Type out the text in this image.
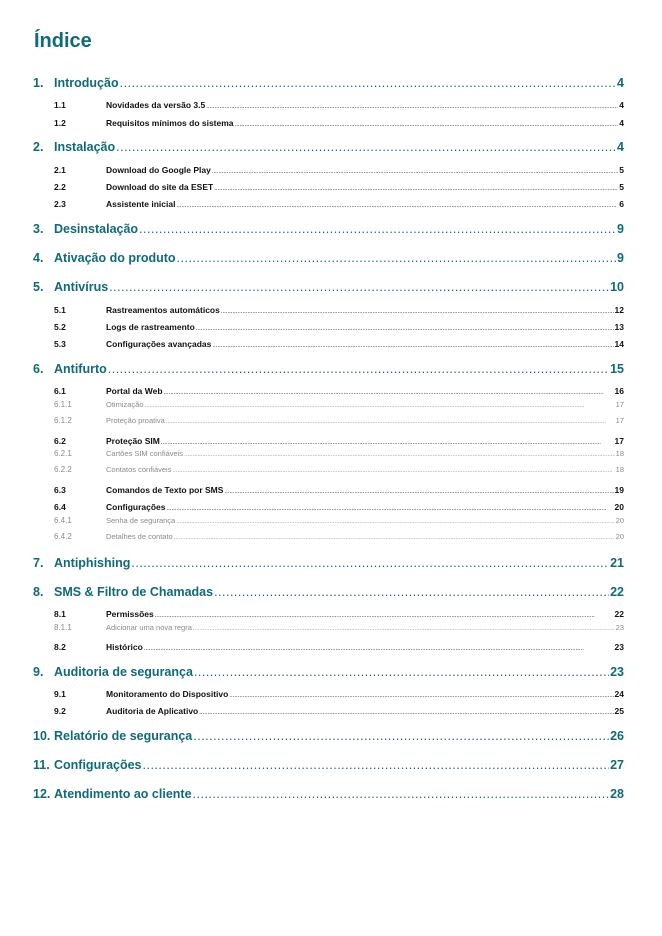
Índice
1. Introdução .....	4
1.1	Novidades da versão 3.5 .....	4
1.2	Requisitos mínimos do sistema .....	4
2. Instalação .....	4
2.1	Download do Google Play .....	5
2.2	Download do site da ESET .....	5
2.3	Assistente inicial .....	6
3. Desinstalação .....	9
4. Ativação do produto .....	9
5. Antivírus .....	10
5.1	Rastreamentos automáticos .....	12
5.2	Logs de rastreamento .....	13
5.3	Configurações avançadas .....	14
6. Antifurto .....	15
6.1	Portal da Web .....	16
6.1.1	Otimização .....	17
6.1.2	Proteção proativa .....	17
6.2	Proteção SIM .....	17
6.2.1	Cartões SIM confiáveis .....	18
6.2.2	Contatos confiáveis .....	18
6.3	Comandos de Texto por SMS .....	19
6.4	Configurações .....	20
6.4.1	Senha de segurança .....	20
6.4.2	Detalhes de contato .....	20
7. Antiphishing .....	21
8. SMS & Filtro de Chamadas .....	22
8.1	Permissões .....	22
8.1.1	Adicionar uma nova regra .....	23
8.2	Histórico .....	23
9. Auditoria de segurança .....	23
9.1	Monitoramento do Dispositivo .....	24
9.2	Auditoria de Aplicativo .....	25
10. Relatório de segurança .....	26
11. Configurações .....	27
12. Atendimento ao cliente .....	28
